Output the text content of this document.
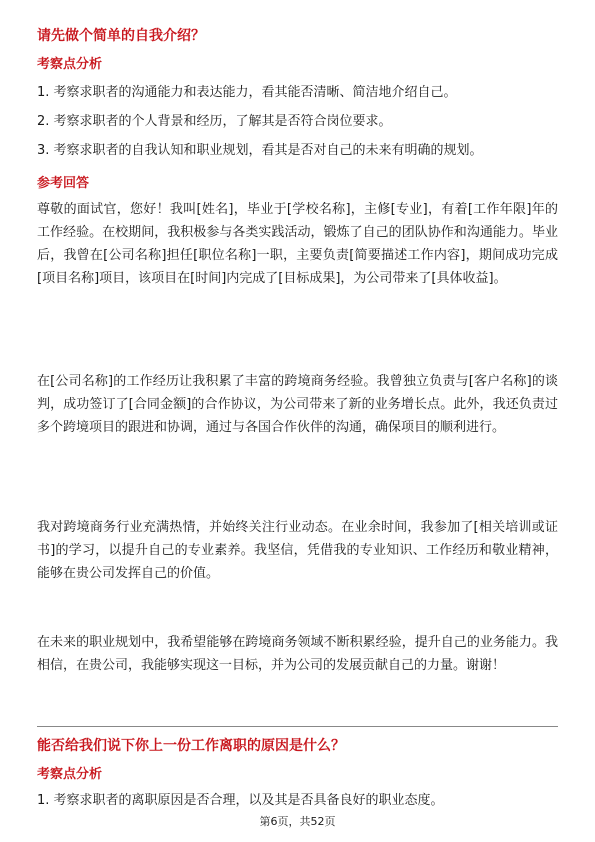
请先做个简单的自我介绍？
考察点分析
1. 考察求职者的沟通能力和表达能力，看其能否清晰、简洁地介绍自己。
2. 考察求职者的个人背景和经历，了解其是否符合岗位要求。
3. 考察求职者的自我认知和职业规划，看其是否对自己的未来有明确的规划。
参考回答
尊敬的面试官，您好！我叫[姓名]，毕业于[学校名称]，主修[专业]，有着[工作年限]年的工作经验。在校期间，我积极参与各类实践活动，锻炼了自己的团队协作和沟通能力。毕业后，我曾在[公司名称]担任[职位名称]一职，主要负责[简要描述工作内容]，期间成功完成[项目名称]项目，该项目在[时间]内完成了[目标成果]，为公司带来了[具体收益]。
在[公司名称]的工作经历让我积累了丰富的跨境商务经验。我曾独立负责与[客户名称]的谈判，成功签订了[合同金额]的合作协议，为公司带来了新的业务增长点。此外，我还负责过多个跨境项目的跟进和协调，通过与各国合作伙伴的沟通，确保项目的顺利进行。
我对跨境商务行业充满热情，并始终关注行业动态。在业余时间，我参加了[相关培训或证书]的学习，以提升自己的专业素养。我坚信，凭借我的专业知识、工作经历和敬业精神，能够在贵公司发挥自己的价值。
在未来的职业规划中，我希望能够在跨境商务领域不断积累经验，提升自己的业务能力。我相信，在贵公司，我能够实现这一目标，并为公司的发展贡献自己的力量。谢谢！
能否给我们说下你上一份工作离职的原因是什么？
考察点分析
1. 考察求职者的离职原因是否合理，以及其是否具备良好的职业态度。
第6页，共52页
